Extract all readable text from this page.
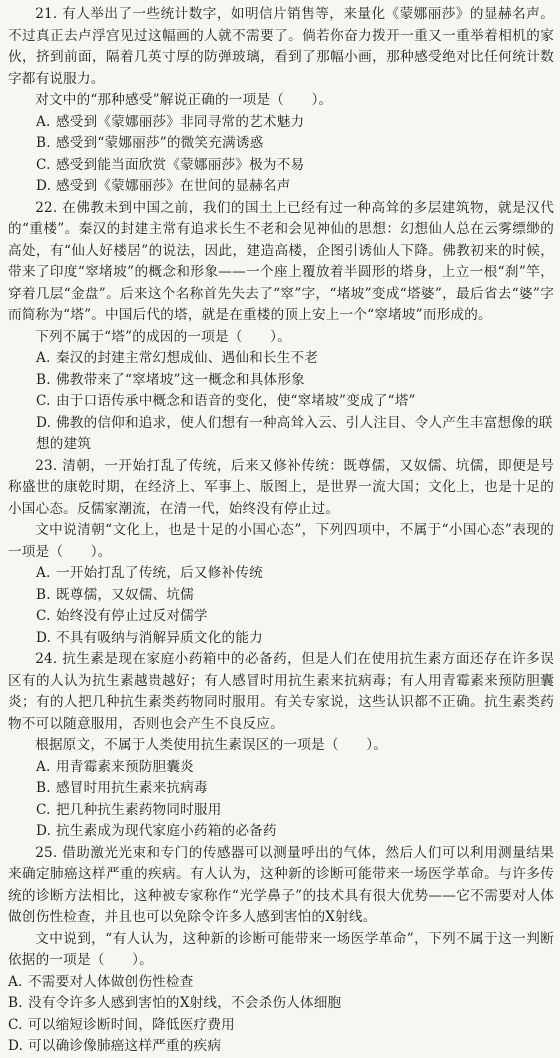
21. 有人举出了一些统计数字，如明信片销售等，来量化《蒙娜丽莎》的显赫名声。不过真正去卢浮宫见过这幅画的人就不需要了。倘若你奋力拨开一重又一重举着相机的家伙，挤到前面，隔着几英寸厚的防弹玻璃，看到了那幅小画，那种感受绝对比任何统计数字都有说服力。

对文中的“那种感受”解说正确的一项是（　　）。

A. 感受到《蒙娜丽莎》非同寻常的艺术魅力
B. 感受到“蒙娜丽莎”的微笑充满诱惑
C. 感受到能当面欣赏《蒙娜丽莎》极为不易
D. 感受到《蒙娜丽莎》在世间的显赫名声

22. 在佛教未到中国之前，我们的国土上已经有过一种高耸的多层建筑物，就是汉代的“重楼”。秦汉的封建主常有追求长生不老和会见神仙的思想：幻想仙人总在云雾缥缈的高处，有“仙人好楼居”的说法，因此，建造高楼，企图引诱仙人下降。佛教初来的时候，带来了印度“窣堵坡”的概念和形象——一个座上覆放着半圆形的塔身，上立一根“刹”竿，穿着几层“金盘”。后来这个名称首先失去了“窣”字，“堵坡”变成“塔婆”，最后省去“婆”字而简称为“塔”。中国后代的塔，就是在重楼的顶上安上一个“窣堵坡”而形成的。

下列不属于“塔”的成因的一项是（　　）。

A. 秦汉的封建主常幻想成仙、遇仙和长生不老
B. 佛教带来了“窣堵坡”这一概念和具体形象
C. 由于口语传承中概念和语音的变化，使“窣堵坡”变成了“塔”
D. 佛教的信仰和追求，使人们想有一种高耸入云、引人注目、令人产生丰富想像的联想的建筑

23. 清朝，一开始打乱了传统，后来又修补传统：既尊儒，又奴儒、坑儒，即便是号称盛世的康乾时期，在经济上、军事上、版图上，是世界一流大国；文化上，也是十足的小国心态。反儒家潮流，在清一代，始终没有停止过。

文中说清朝“文化上，也是十足的小国心态”，下列四项中，不属于“小国心态”表现的一项是（　　）。

A. 一开始打乱了传统，后又修补传统
B. 既尊儒，又奴儒、坑儒
C. 始终没有停止过反对儒学
D. 不具有吸纳与消解异质文化的能力

24. 抗生素是现在家庭小药箱中的必备药，但是人们在使用抗生素方面还存在许多误区有的人认为抗生素越贵越好；有人感冒时用抗生素来抗病毒；有人用青霉素来预防胆囊炎；有的人把几种抗生素类药物同时服用。有关专家说，这些认识都不正确。抗生素类药物不可以随意服用，否则也会产生不良反应。

根据原文，不属于人类使用抗生素误区的一项是（　　）。

A. 用青霉素来预防胆囊炎
B. 感冒时用抗生素来抗病毒
C. 把几种抗生素药物同时服用
D. 抗生素成为现代家庭小药箱的必备药

25. 借助激光光束和专门的传感器可以测量呼出的气体，然后人们可以利用测量结果来确定肺癌这样严重的疾病。有人认为，这种新的诊断可能带来一场医学革命。与许多传统的诊断方法相比，这种被专家称作“光学鼻子”的技术具有很大优势——它不需要对人体做创伤性检查，并且也可以免除令许多人感到害怕的X射线。

文中说到，“有人认为，这种新的诊断可能带来一场医学革命”，下列不属于这一判断依据的一项是（　　）。

A. 不需要对人体做创伤性检查
B. 没有令许多人感到害怕的X射线，不会杀伤人体细胞
C. 可以缩短诊断时间，降低医疗费用
D. 可以确诊像肺癌这样严重的疾病
